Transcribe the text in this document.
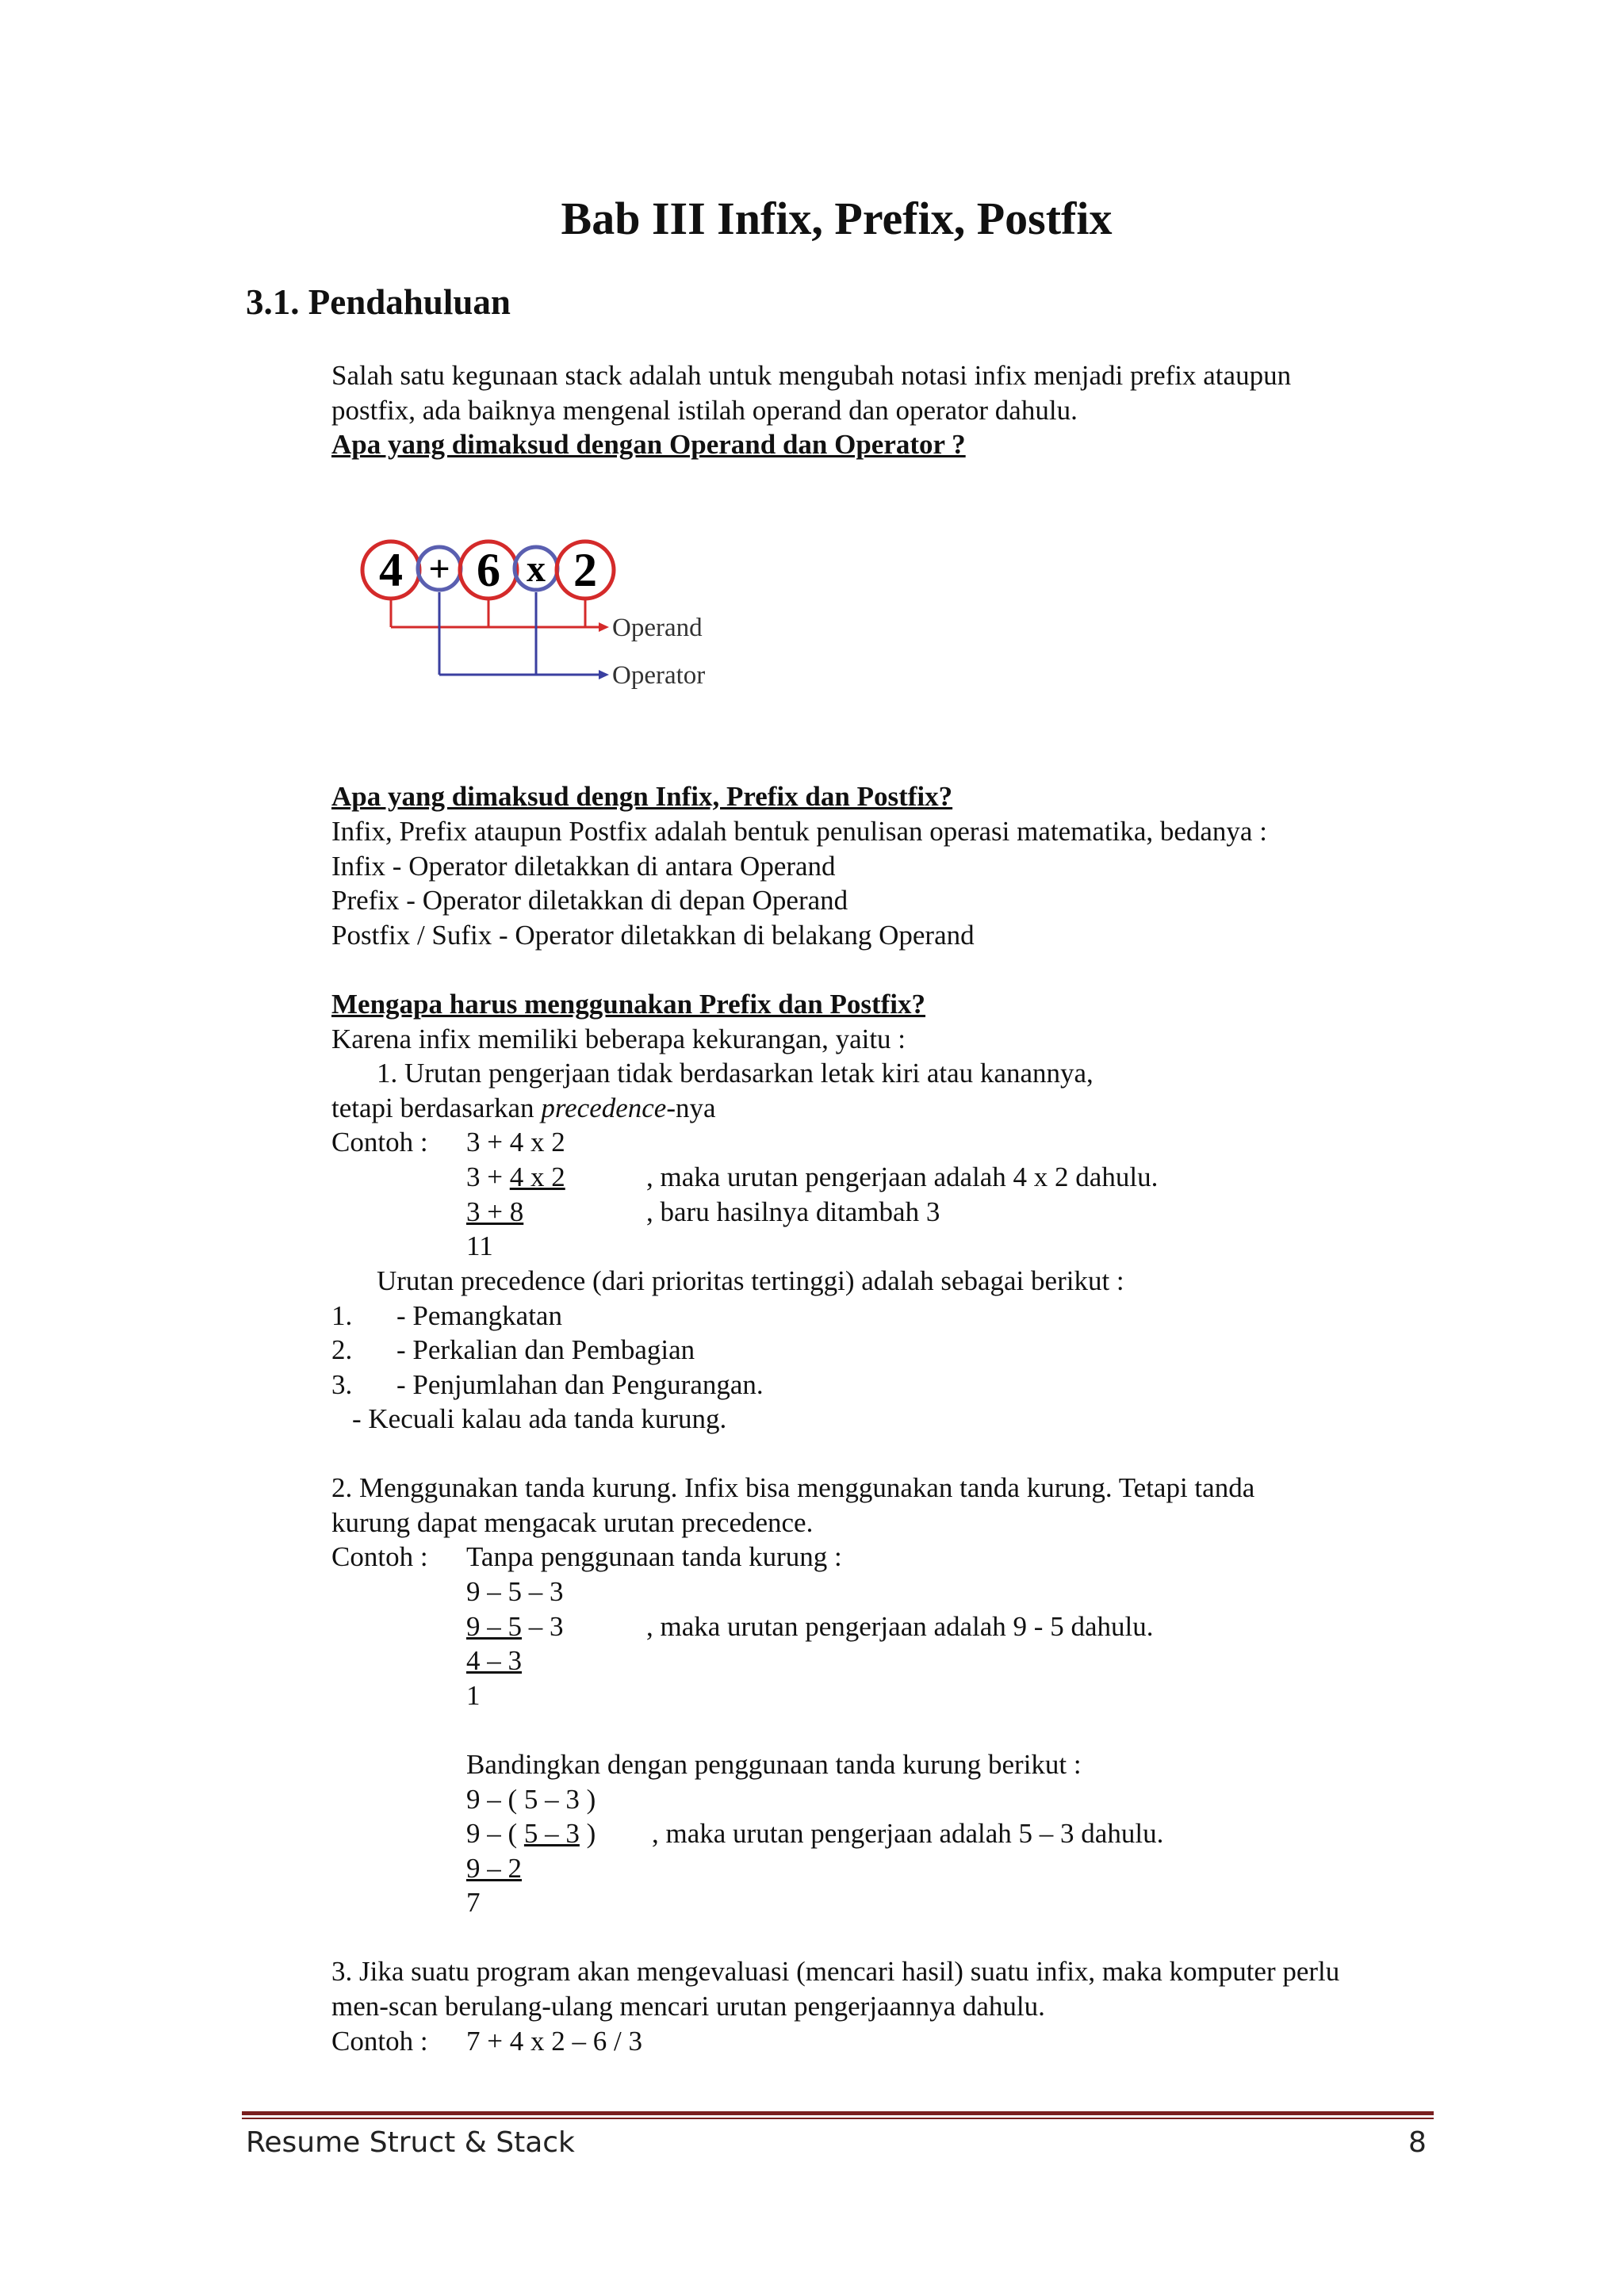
Bab III Infix, Prefix, Postfix
3.1. Pendahuluan
Salah satu kegunaan stack adalah untuk mengubah notasi infix menjadi prefix ataupun
postfix, ada baiknya mengenal istilah operand dan operator dahulu.
Apa yang dimaksud dengan Operand dan Operator ?
4 + 6 x 2
Operand
Operator
Apa yang dimaksud dengn Infix, Prefix dan Postfix?
Infix, Prefix ataupun Postfix adalah bentuk penulisan operasi matematika, bedanya :
Infix - Operator diletakkan di antara Operand
Prefix - Operator diletakkan di depan Operand
Postfix / Sufix - Operator diletakkan di belakang Operand
Mengapa harus menggunakan Prefix dan Postfix?
Karena infix memiliki beberapa kekurangan, yaitu :
1. Urutan pengerjaan tidak berdasarkan letak kiri atau kanannya,
tetapi berdasarkan precedence-nya
Contoh : 3 + 4 x 2
3 + 4 x 2	, maka urutan pengerjaan adalah 4 x 2 dahulu.
3 + 8	, baru hasilnya ditambah 3
11
Urutan precedence (dari prioritas tertinggi) adalah sebagai berikut :
1. - Pemangkatan
2. - Perkalian dan Pembagian
3. - Penjumlahan dan Pengurangan.
- Kecuali kalau ada tanda kurung.
2. Menggunakan tanda kurung. Infix bisa menggunakan tanda kurung. Tetapi tanda
kurung dapat mengacak urutan precedence.
Contoh : Tanpa penggunaan tanda kurung :
9 – 5 – 3
9 – 5 – 3	, maka urutan pengerjaan adalah 9 - 5 dahulu.
4 – 3
1
Bandingkan dengan penggunaan tanda kurung berikut :
9 – ( 5 – 3 )
9 – ( 5 – 3 ) , maka urutan pengerjaan adalah 5 – 3 dahulu.
9 – 2
7
3. Jika suatu program akan mengevaluasi (mencari hasil) suatu infix, maka komputer perlu
men-scan berulang-ulang mencari urutan pengerjaannya dahulu.
Contoh : 7 + 4 x 2 – 6 / 3
Resume Struct & Stack	8
